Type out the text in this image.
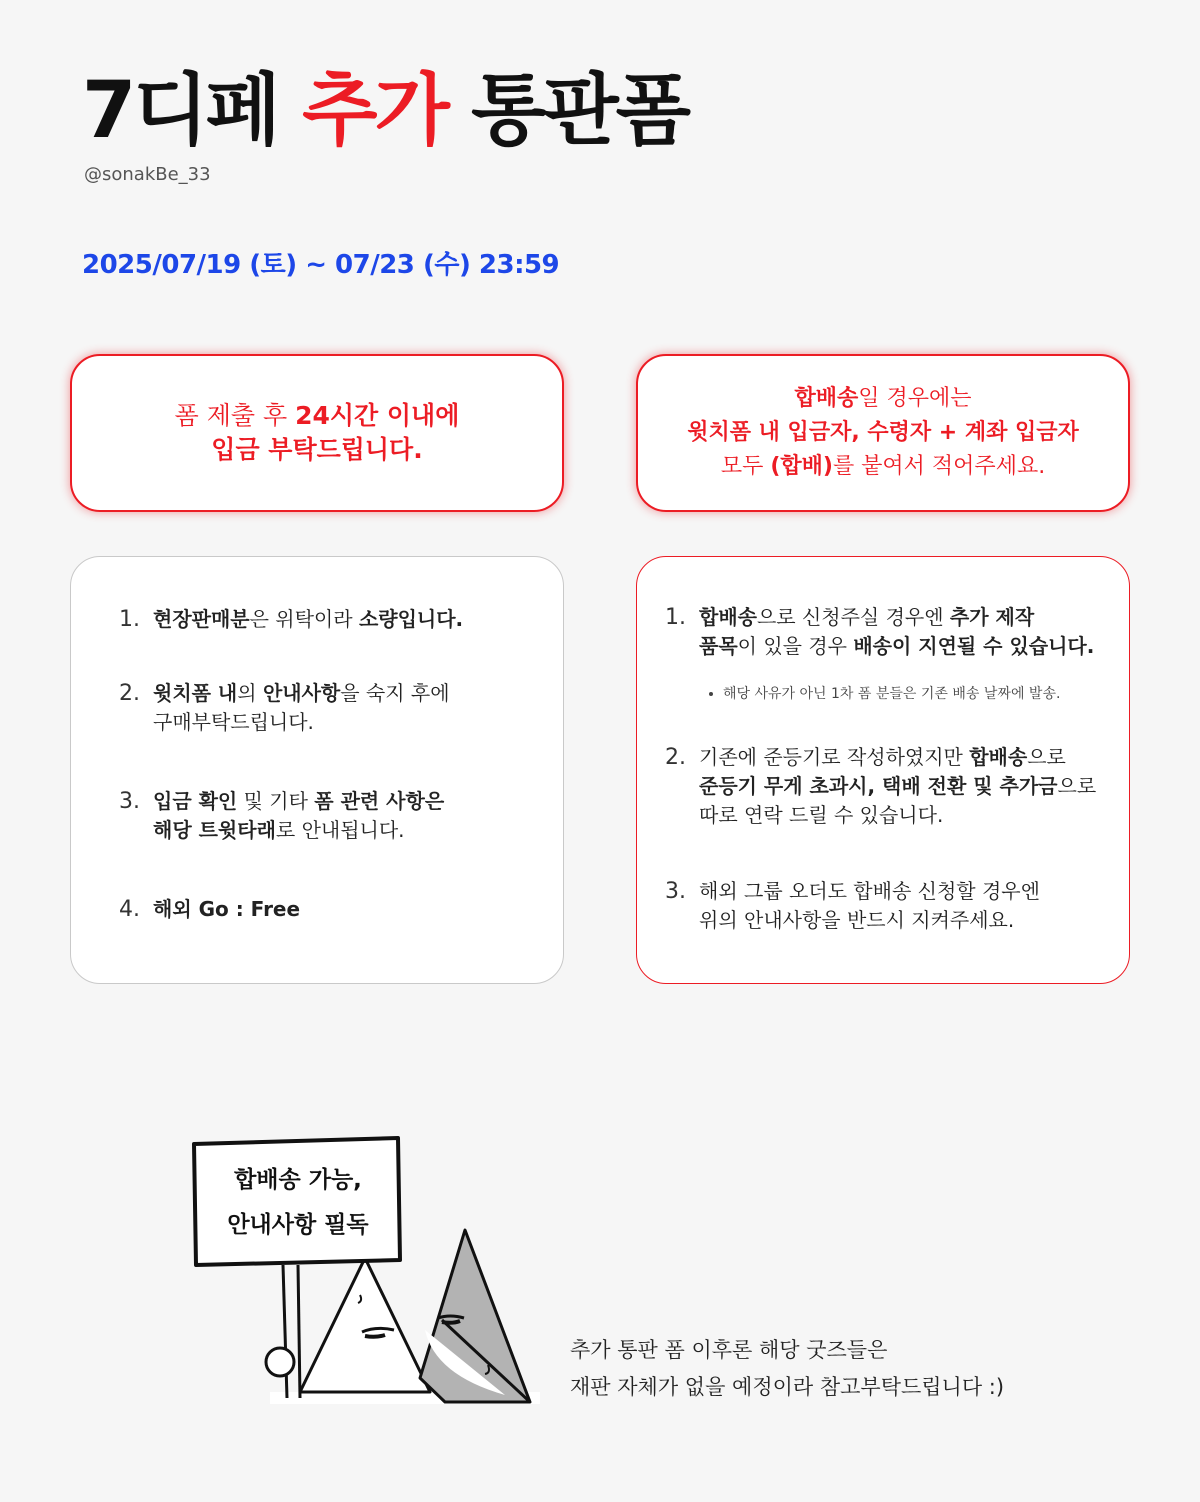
7디페 추가 통판폼
@sonakBe_33
2025/07/19 (토) ~ 07/23 (수) 23:59
폼 제출 후 24시간 이내에
입금 부탁드립니다.
합배송일 경우에는
윗치폼 내 입금자, 수령자 + 계좌 입금자
모두 (합배)를 붙여서 적어주세요.
1. 현장판매분은 위탁이라 소량입니다.
2. 윗치폼 내의 안내사항을 숙지 후에
구매부탁드립니다.
3. 입금 확인 및 기타 폼 관련 사항은
해당 트윗타래로 안내됩니다.
4. 해외 Go : Free
1. 합배송으로 신청주실 경우엔 추가 제작
품목이 있을 경우 배송이 지연될 수 있습니다.
해당 사유가 아닌 1차 폼 분들은 기존 배송 날짜에 발송.
2. 기존에 준등기로 작성하였지만 합배송으로
준등기 무게 초과시, 택배 전환 및 추가금으로
따로 연락 드릴 수 있습니다.
3. 해외 그룹 오더도 합배송 신청할 경우엔
위의 안내사항을 반드시 지켜주세요.
합배송 가능,
안내사항 필독
추가 통판 폼 이후론 해당 굿즈들은
재판 자체가 없을 예정이라 참고부탁드립니다 :)
